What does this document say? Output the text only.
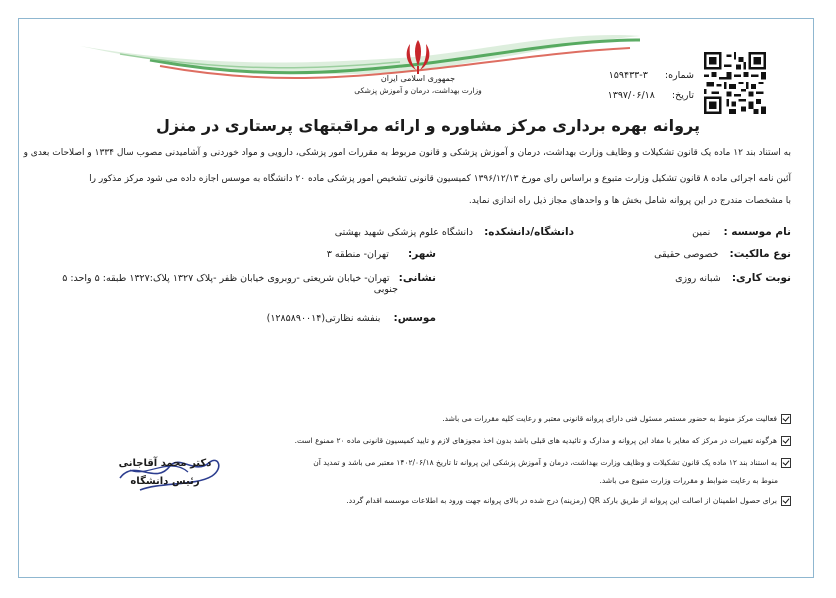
جمهوری اسلامی ایران
وزارت بهداشت، درمان و آموزش پزشکی
شماره: ۳-۱۵۹۴۳۳
تاریخ: ۱۳۹۷/۰۶/۱۸
پروانه بهره برداری مرکز مشاوره و ارائه مراقبتهای پرستاری در منزل
به استناد بند ۱۲ ماده یک قانون تشکیلات و وظایف وزارت بهداشت، درمان و آموزش پزشکی و قانون مربوط به مقررات امور پزشکی، دارویی و مواد خوردنی و آشامیدنی مصوب سال ۱۳۳۴ و اصلاحات بعدی و
آئین نامه اجرائی ماده ۸ قانون تشکیل وزارت متبوع و براساس رای مورخ ۱۳۹۶/۱۲/۱۳ کمیسیون قانونی تشخیص امور پزشکی ماده ۲۰ دانشگاه به موسس اجازه داده می شود مرکز مذکور را
با مشخصات مندرج در این پروانه شامل بخش ها و واحدهای مجاز ذیل راه اندازی نماید.
نام موسسه : نمین
نوع مالکیت: خصوصی حقیقی
نوبت کاری: شبانه روزی
دانشگاه/دانشکده: دانشگاه علوم پزشکی شهید بهشتی
شهر: تهران- منطقه ۳
نشانی: تهران- خیابان شریعتی -روبروی خیابان ظفر -پلاک ۱۳۲۷ پلاک:۱۳۲۷ طبقه: ۵ واحد: ۵
جنوبی
موسس: بنفشه نظارتی(۱۲۸۵۸۹۰۰۱۴)
فعالیت مرکز منوط به حضور مستمر مسئول فنی دارای پروانه قانونی معتبر و رعایت کلیه مقررات می باشد.
هرگونه تغییرات در مرکز که مغایر با مفاد این پروانه و مدارک و تائیدیه های قبلی باشد بدون اخذ مجوزهای لازم و تایید کمیسیون قانونی ماده ۲۰ ممنوع است.
به استناد بند ۱۲ ماده یک قانون تشکیلات و وظایف وزارت بهداشت، درمان و آموزش پزشکی این پروانه تا تاریخ ۱۴۰۲/۰۶/۱۸ معتبر می باشد و تمدید آن
منوط به رعایت ضوابط و مقررات وزارت متبوع می باشد.
برای حصول اطمینان از اصالت این پروانه از طریق بارکد QR (رمزینه) درج شده در بالای پروانه جهت ورود به اطلاعات موسسه اقدام گردد.
دکتر محمد آقاجانی
رئیس دانشگاه
